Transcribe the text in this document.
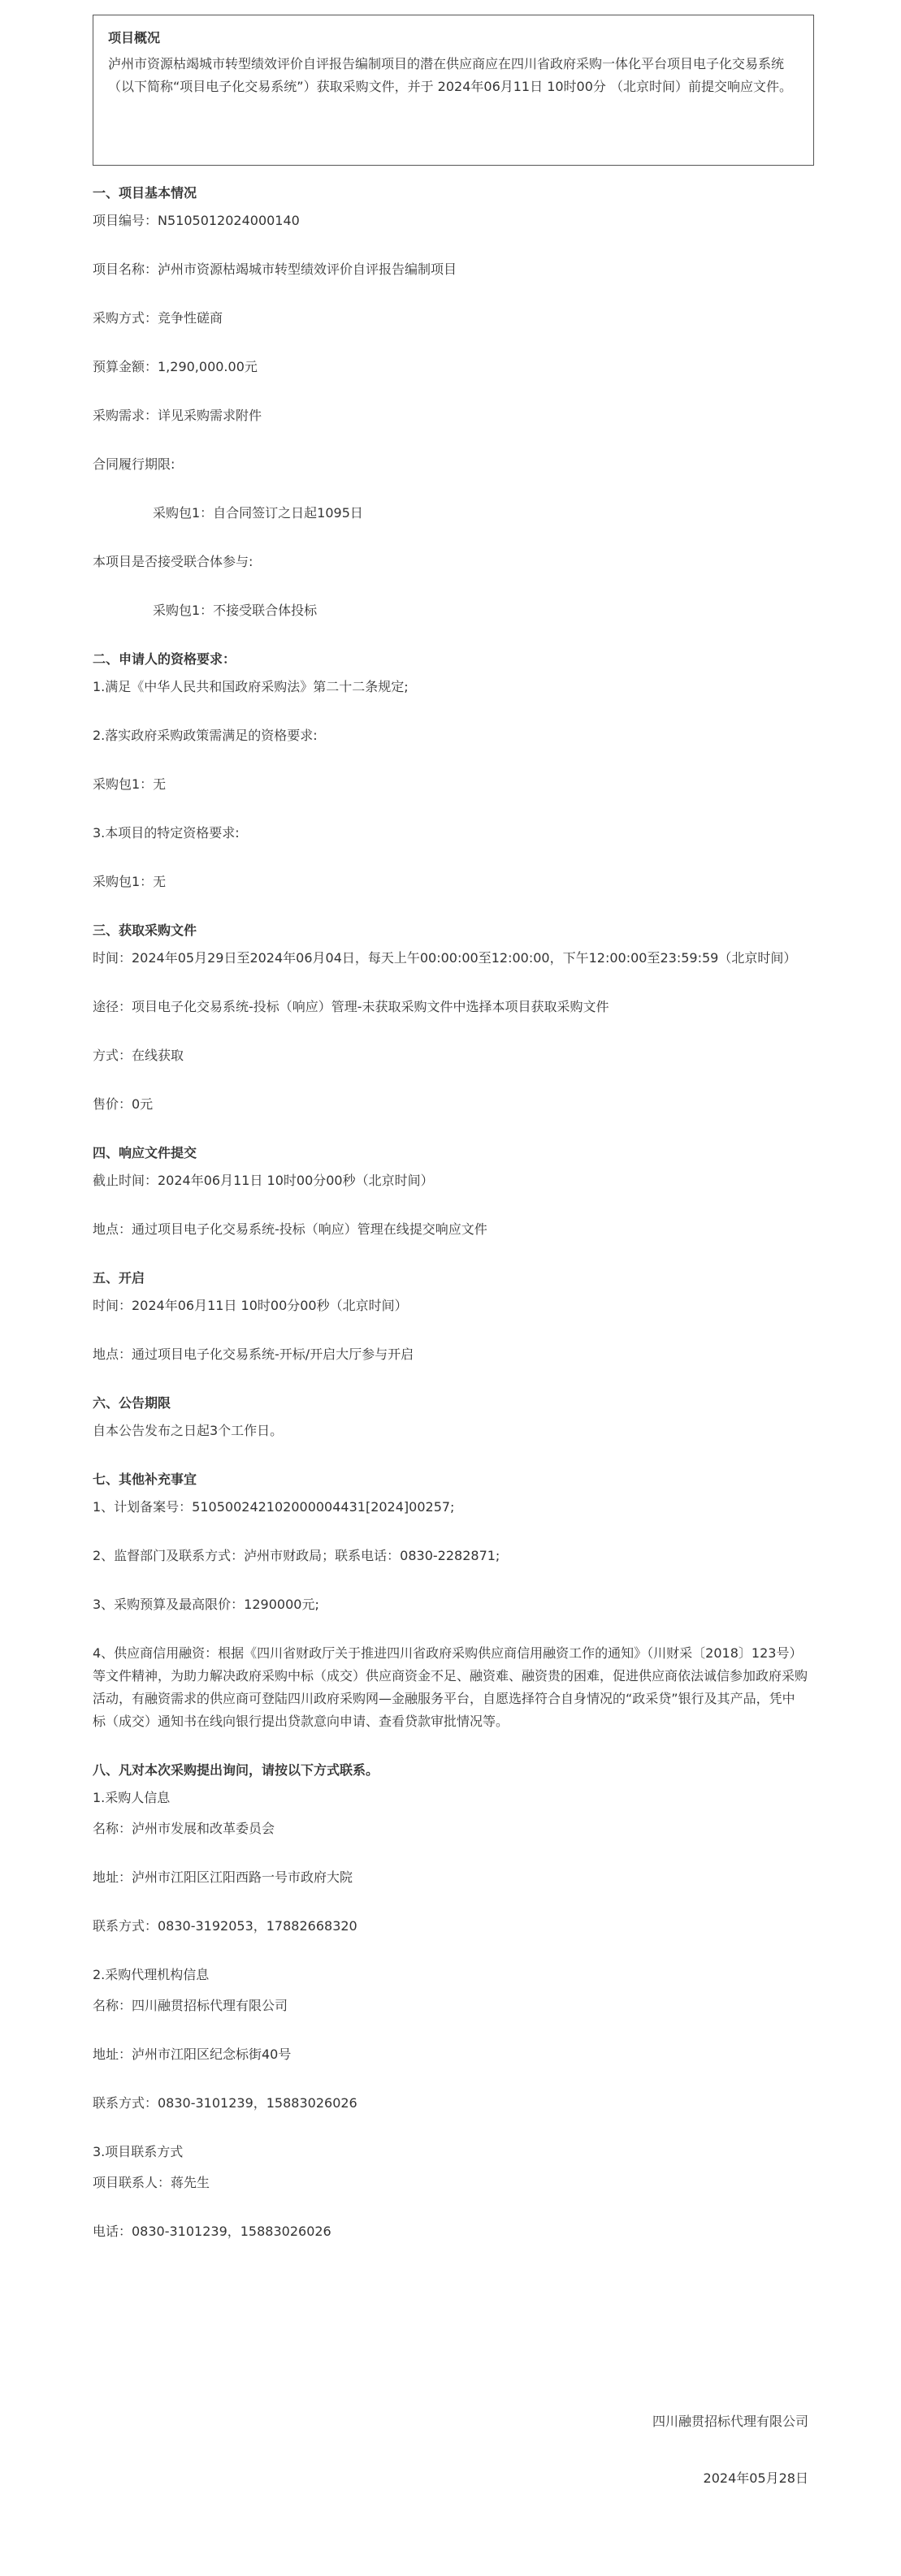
项目概况
泸州市资源枯竭城市转型绩效评价自评报告编制项目的潜在供应商应在四川省政府采购一体化平台项目电子化交易系统（以下简称“项目电子化交易系统”）获取采购文件，并于 2024年06月11日 10时00分 （北京时间）前提交响应文件。
一、项目基本情况
项目编号：N5105012024000140
项目名称：泸州市资源枯竭城市转型绩效评价自评报告编制项目
采购方式：竞争性磋商
预算金额：1,290,000.00元
采购需求：详见采购需求附件
合同履行期限:
采购包1：自合同签订之日起1095日
本项目是否接受联合体参与:
采购包1：不接受联合体投标
二、申请人的资格要求：
1.满足《中华人民共和国政府采购法》第二十二条规定;
2.落实政府采购政策需满足的资格要求:
采购包1：无
3.本项目的特定资格要求:
采购包1：无
三、获取采购文件
时间：2024年05月29日至2024年06月04日，每天上午00:00:00至12:00:00，下午12:00:00至23:59:59（北京时间）
途径：项目电子化交易系统-投标（响应）管理-未获取采购文件中选择本项目获取采购文件
方式：在线获取
售价：0元
四、响应文件提交
截止时间：2024年06月11日 10时00分00秒（北京时间）
地点：通过项目电子化交易系统-投标（响应）管理在线提交响应文件
五、开启
时间：2024年06月11日 10时00分00秒（北京时间）
地点：通过项目电子化交易系统-开标/开启大厅参与开启
六、公告期限
自本公告发布之日起3个工作日。
七、其他补充事宜
1、计划备案号：510500242102000004431[2024]00257;
2、监督部门及联系方式：泸州市财政局；联系电话：0830-2282871;
3、采购预算及最高限价：1290000元;
4、供应商信用融资：根据《四川省财政厅关于推进四川省政府采购供应商信用融资工作的通知》（川财采〔2018〕123号）等文件精神，为助力解决政府采购中标（成交）供应商资金不足、融资难、融资贵的困难，促进供应商依法诚信参加政府采购活动，有融资需求的供应商可登陆四川政府采购网—金融服务平台，自愿选择符合自身情况的“政采贷”银行及其产品，凭中标（成交）通知书在线向银行提出贷款意向申请、查看贷款审批情况等。
八、凡对本次采购提出询问，请按以下方式联系。
1.采购人信息
名称：泸州市发展和改革委员会
地址：泸州市江阳区江阳西路一号市政府大院
联系方式：0830-3192053，17882668320
2.采购代理机构信息
名称：四川融贯招标代理有限公司
地址：泸州市江阳区纪念标街40号
联系方式：0830-3101239，15883026026
3.项目联系方式
项目联系人：蒋先生
电话：0830-3101239，15883026026
四川融贯招标代理有限公司
2024年05月28日
